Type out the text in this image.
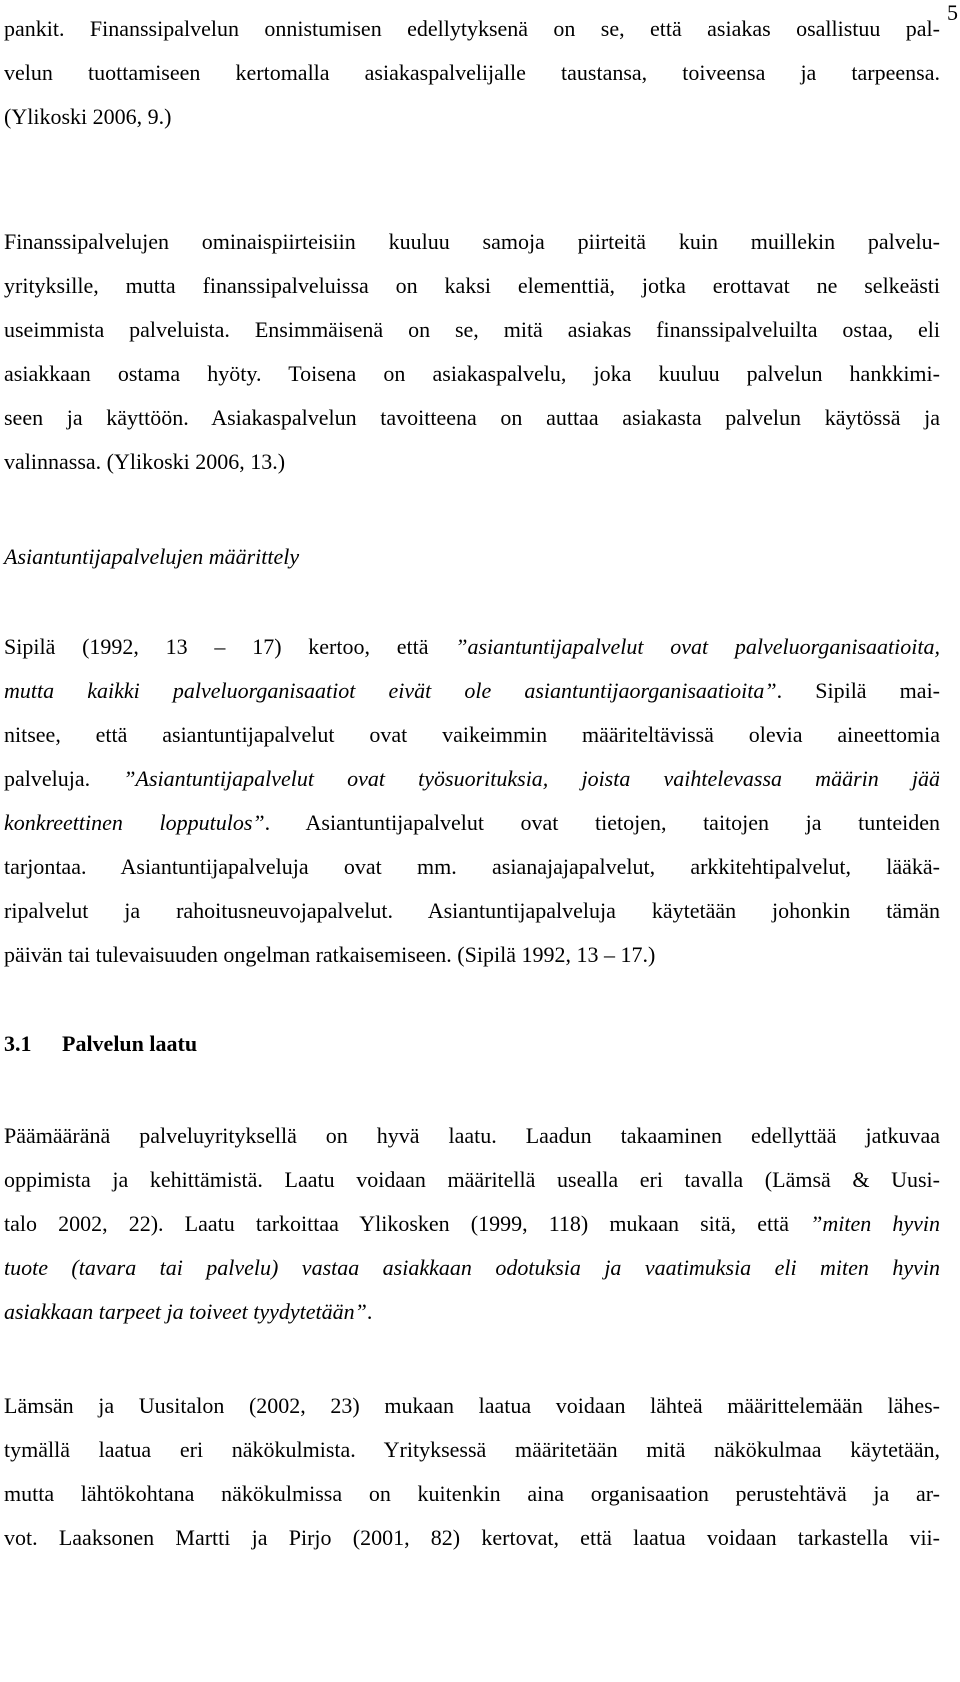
5
pankit. Finanssipalvelun onnistumisen edellytyksenä on se, että asiakas osallistuu pal-
velun tuottamiseen kertomalla asiakaspalvelijalle taustansa, toiveensa ja tarpeensa.
(Ylikoski 2006, 9.)
Finanssipalvelujen ominaispiirteisiin kuuluu samoja piirteitä kuin muillekin palvelu-
yrityksille, mutta finanssipalveluissa on kaksi elementtiä, jotka erottavat ne selkeästi
useimmista palveluista. Ensimmäisenä on se, mitä asiakas finanssipalveluilta ostaa, eli
asiakkaan ostama hyöty. Toisena on asiakaspalvelu, joka kuuluu palvelun hankkimi-
seen ja käyttöön. Asiakaspalvelun tavoitteena on auttaa asiakasta palvelun käytössä ja
valinnassa. (Ylikoski 2006, 13.)
Asiantuntijapalvelujen määrittely
Sipilä (1992, 13 – 17) kertoo, että ”asiantuntijapalvelut ovat palveluorganisaatioita,
mutta kaikki palveluorganisaatiot eivät ole asiantuntijaorganisaatioita”. Sipilä mai-
nitsee, että asiantuntijapalvelut ovat vaikeimmin määriteltävissä olevia aineettomia
palveluja. ”Asiantuntijapalvelut ovat työsuorituksia, joista vaihtelevassa määrin jää
konkreettinen lopputulos”. Asiantuntijapalvelut ovat tietojen, taitojen ja tunteiden
tarjontaa. Asiantuntijapalveluja ovat mm. asianajajapalvelut, arkkitehtipalvelut, lääkä-
ripalvelut ja rahoitusneuvojapalvelut. Asiantuntijapalveluja käytetään johonkin tämän
päivän tai tulevaisuuden ongelman ratkaisemiseen. (Sipilä 1992, 13 – 17.)
3.1 Palvelun laatu
Päämääränä palveluyrityksellä on hyvä laatu. Laadun takaaminen edellyttää jatkuvaa
oppimista ja kehittämistä. Laatu voidaan määritellä usealla eri tavalla (Lämsä & Uusi-
talo 2002, 22). Laatu tarkoittaa Ylikosken (1999, 118) mukaan sitä, että ”miten hyvin
tuote (tavara tai palvelu) vastaa asiakkaan odotuksia ja vaatimuksia eli miten hyvin
asiakkaan tarpeet ja toiveet tyydytetään”.
Lämsän ja Uusitalon (2002, 23) mukaan laatua voidaan lähteä määrittelemään lähes-
tymällä laatua eri näkökulmista. Yrityksessä määritetään mitä näkökulmaa käytetään,
mutta lähtökohtana näkökulmissa on kuitenkin aina organisaation perustehtävä ja ar-
vot. Laaksonen Martti ja Pirjo (2001, 82) kertovat, että laatua voidaan tarkastella vii-
